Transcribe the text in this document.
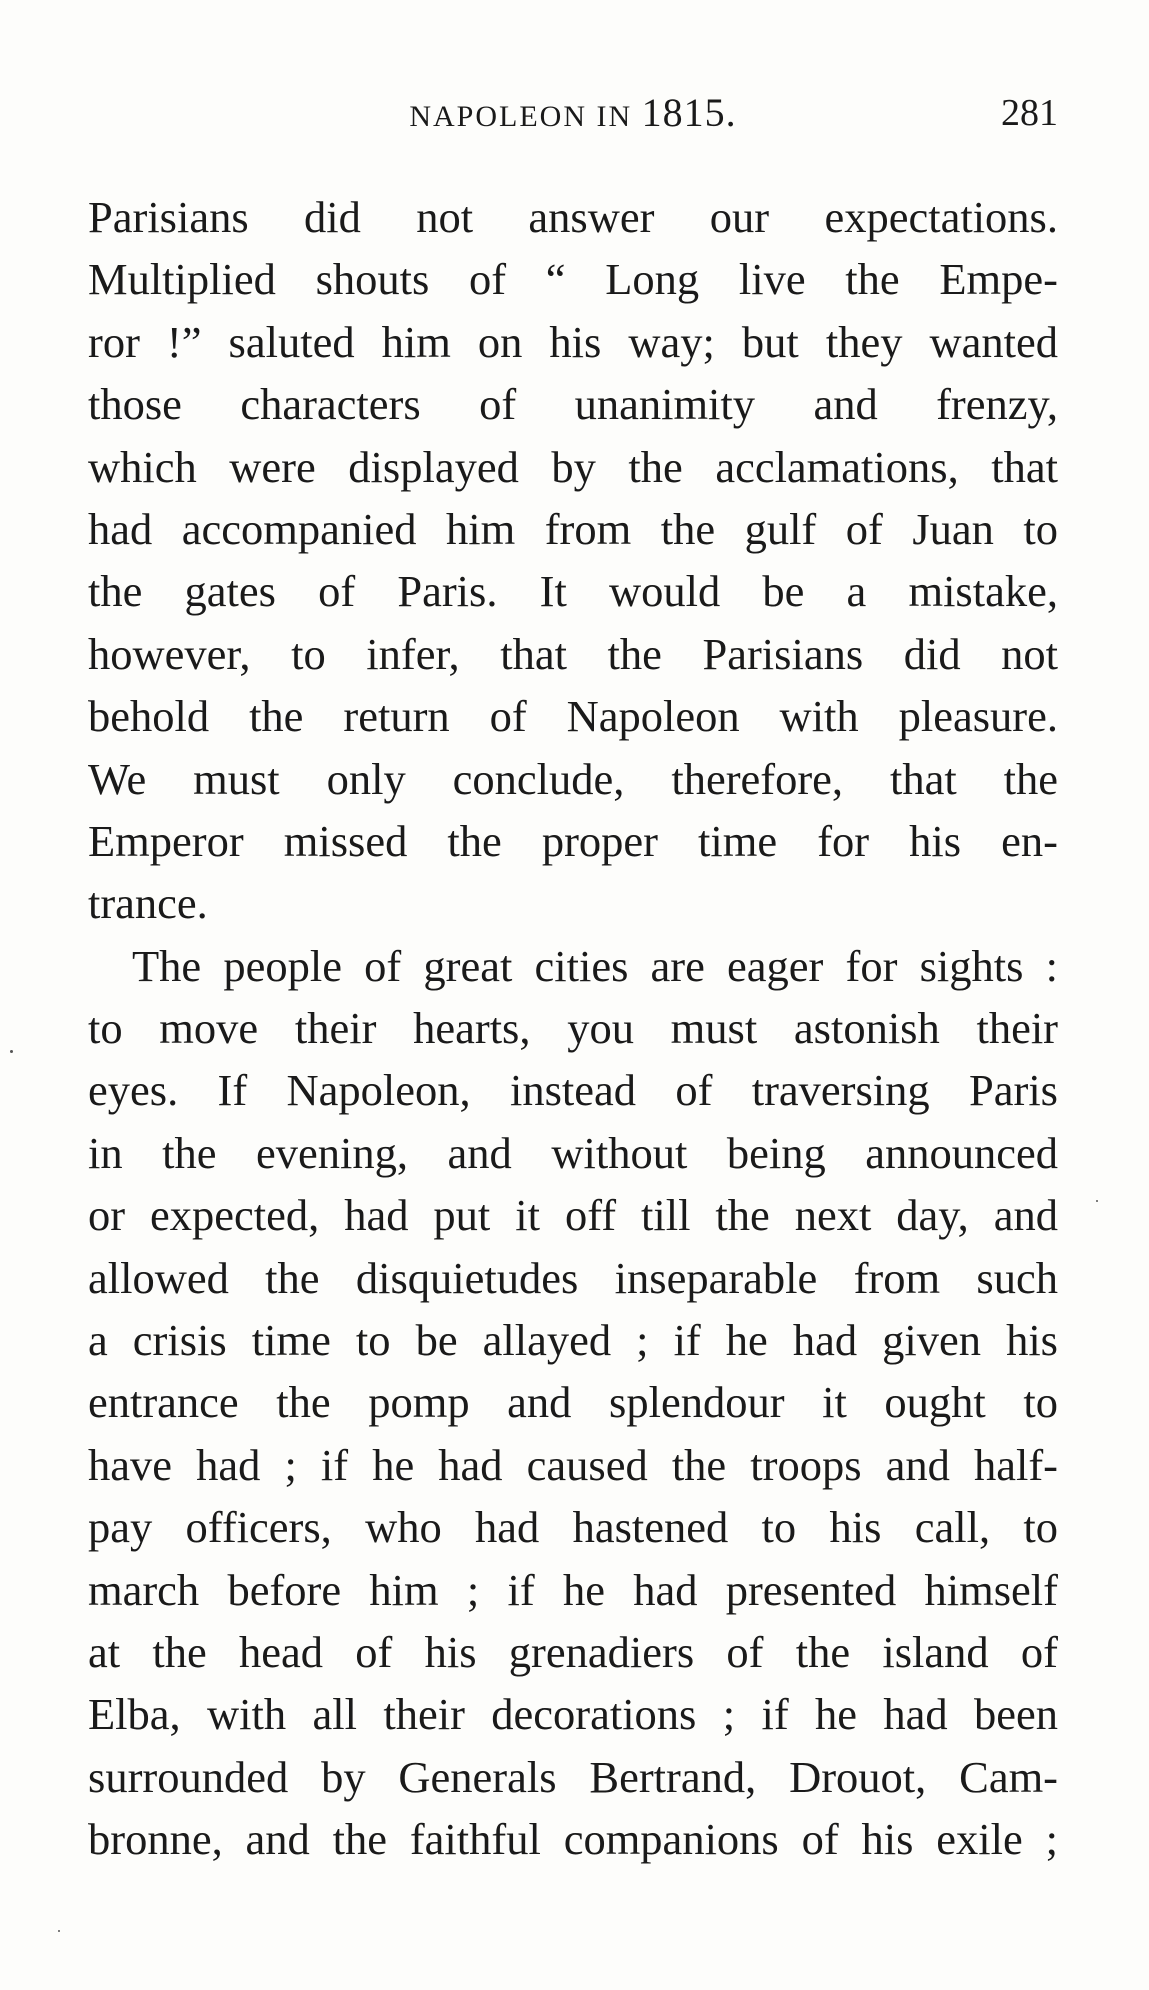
NAPOLEON IN 1815.	281
Parisians did not answer our expectations.
Multiplied shouts of “ Long live the Empe-
ror !” saluted him on his way; but they wanted
those characters of unanimity and frenzy,
which were displayed by the acclamations, that
had accompanied him from the gulf of Juan to
the gates of Paris. It would be a mistake,
however, to infer, that the Parisians did not
behold the return of Napoleon with pleasure.
We must only conclude, therefore, that the
Emperor missed the proper time for his en-
trance.
The people of great cities are eager for sights :
to move their hearts, you must astonish their
eyes. If Napoleon, instead of traversing Paris
in the evening, and without being announced
or expected, had put it off till the next day, and
allowed the disquietudes inseparable from such
a crisis time to be allayed ; if he had given his
entrance the pomp and splendour it ought to
have had ; if he had caused the troops and half-
pay officers, who had hastened to his call, to
march before him ; if he had presented himself
at the head of his grenadiers of the island of
Elba, with all their decorations ; if he had been
surrounded by Generals Bertrand, Drouot, Cam-
bronne, and the faithful companions of his exile ;
